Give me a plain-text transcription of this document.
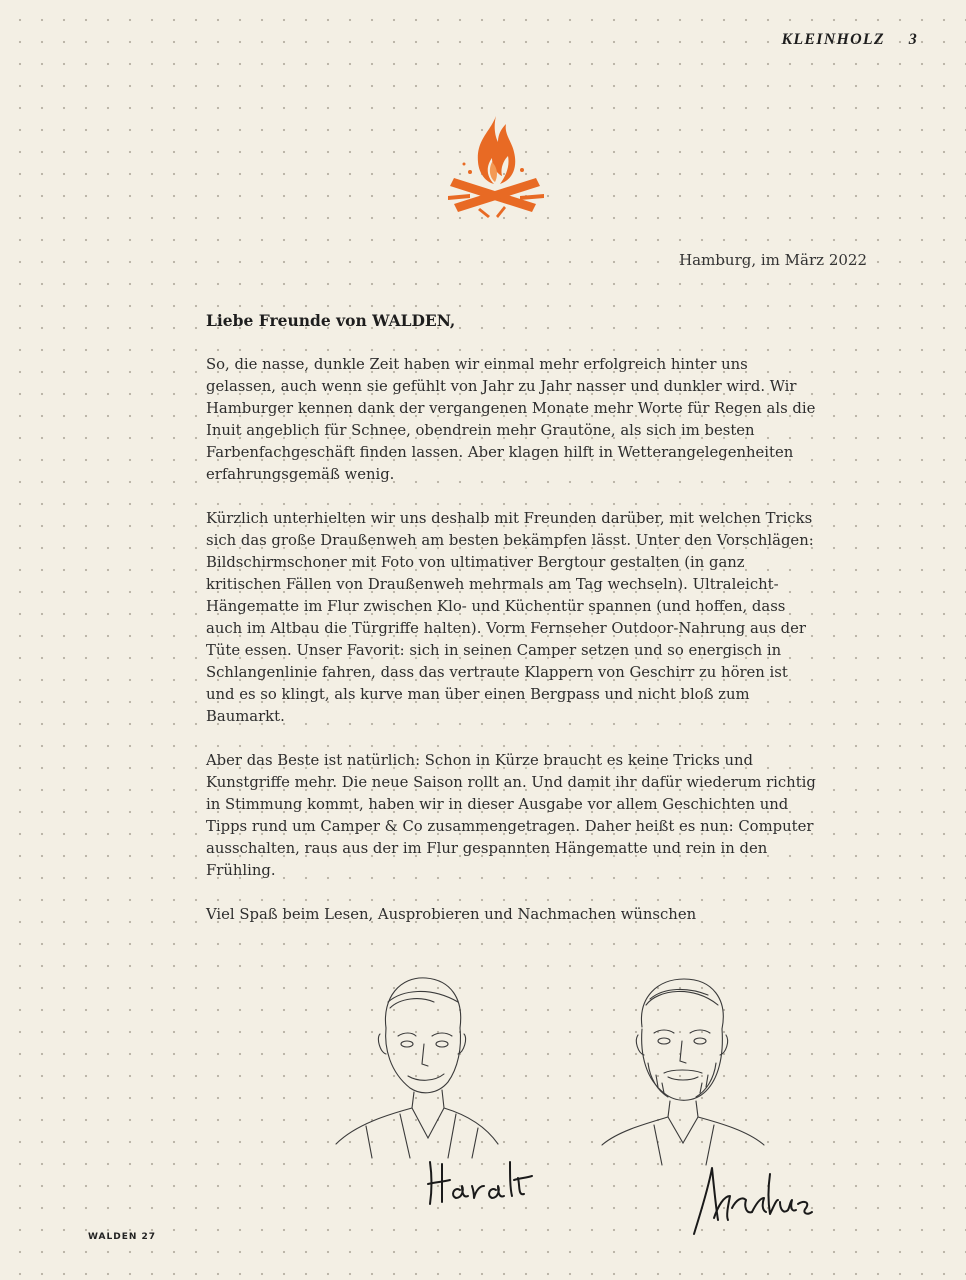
KLEINHOLZ 3
Hamburg, im März 2022

Liebe Freunde von WALDEN,

So, die nasse, dunkle Zeit haben wir einmal mehr erfolgreich hinter uns gelassen, auch wenn sie gefühlt von Jahr zu Jahr nasser und dunkler wird. Wir Hamburger kennen dank der vergangenen Monate mehr Worte für Regen als die Inuit angeblich für Schnee, obendrein mehr Grautöne, als sich im besten Farbenfachgeschäft finden lassen. Aber klagen hilft in Wetterangelegenheiten erfahrungsgemäß wenig.

Kürzlich unterhielten wir uns deshalb mit Freunden darüber, mit welchen Tricks sich das große Draußenweh am besten bekämpfen lässt. Unter den Vorschlägen: Bildschirmschoner mit Foto von ultimativer Bergtour gestalten (in ganz kritischen Fällen von Draußenweh mehrmals am Tag wechseln). Ultraleicht-Hängematte im Flur zwischen Klo- und Küchentür spannen (und hoffen, dass auch im Altbau die Türgriffe halten). Vorm Fernseher Outdoor-Nahrung aus der Tüte essen. Unser Favorit: sich in seinen Camper setzen und so energisch in Schlangenlinie fahren, dass das vertraute Klappern von Geschirr zu hören ist und es so klingt, als kurve man über einen Bergpass und nicht bloß zum Baumarkt.

Aber das Beste ist natürlich: Schon in Kürze braucht es keine Tricks und Kunstgriffe mehr. Die neue Saison rollt an. Und damit ihr dafür wiederum richtig in Stimmung kommt, haben wir in dieser Ausgabe vor allem Geschichten und Tipps rund um Camper & Co zusammengetragen. Daher heißt es nun: Computer ausschalten, raus aus der im Flur gespannten Hängematte und rein in den Frühling.

Viel Spaß beim Lesen, Ausprobieren und Nachmachen wünschen

WALDEN 27
